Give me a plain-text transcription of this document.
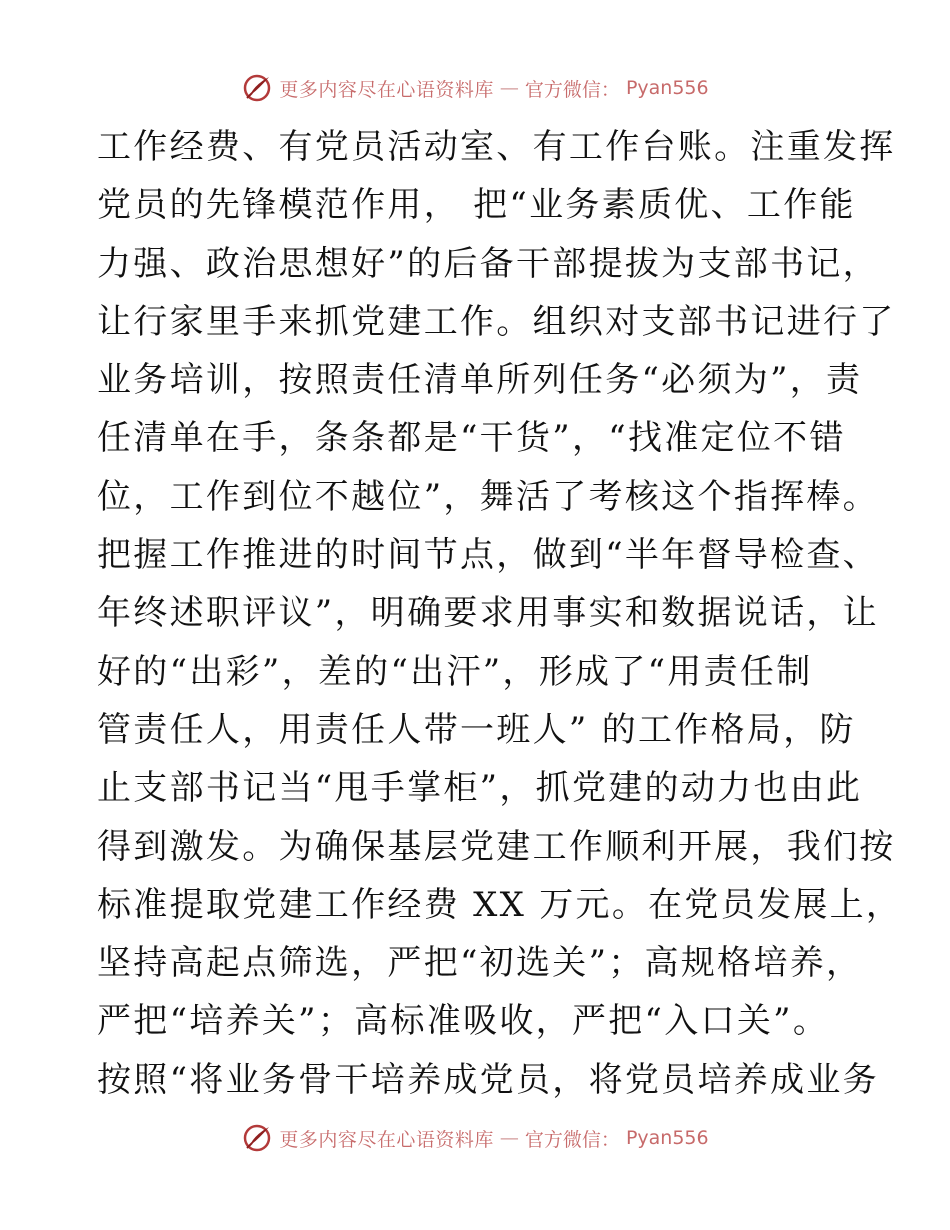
更多内容尽在心语资料库 — 官方微信： Pyan556
工作经费、有党员活动室、有工作台账。注重发挥
党员的先锋模范作用， 把“业务素质优、工作能
力强、政治思想好”的后备干部提拔为支部书记，
让行家里手来抓党建工作。组织对支部书记进行了
业务培训，按照责任清单所列任务“必须为”，责
任清单在手，条条都是“干货”，“找准定位不错
位，工作到位不越位”，舞活了考核这个指挥棒。
把握工作推进的时间节点，做到“半年督导检查、
年终述职评议”，明确要求用事实和数据说话，让
好的“出彩”，差的“出汗”，形成了“用责任制
管责任人，用责任人带一班人” 的工作格局，防
止支部书记当“甩手掌柜”，抓党建的动力也由此
得到激发。为确保基层党建工作顺利开展，我们按
标准提取党建工作经费 XX 万元。在党员发展上，
坚持高起点筛选，严把“初选关”；高规格培养，
严把“培养关”；高标准吸收，严把“入口关”。
按照“将业务骨干培养成党员，将党员培养成业务
更多内容尽在心语资料库 — 官方微信： Pyan556
